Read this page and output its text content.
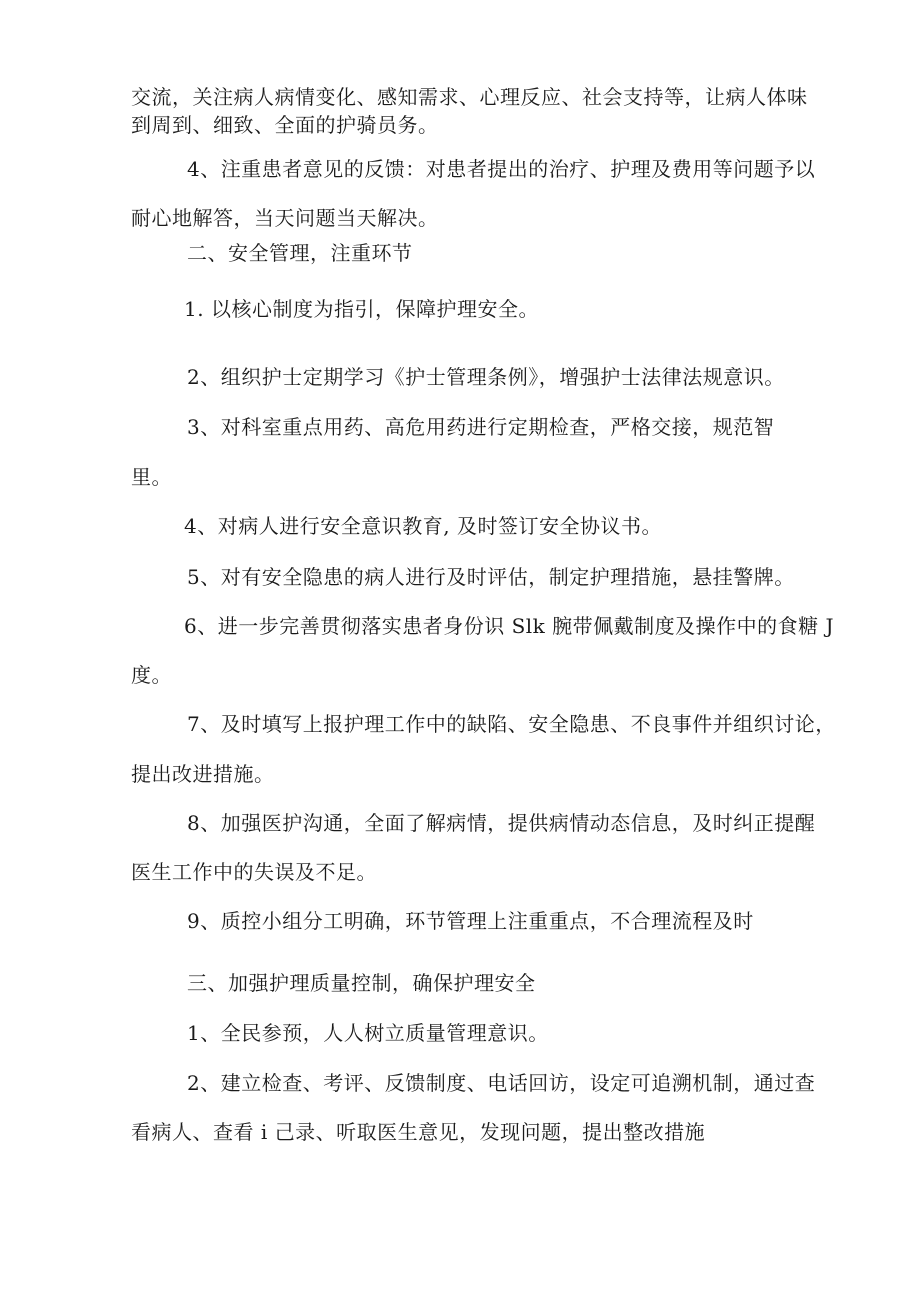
交流，关注病人病情变化、感知需求、心理反应、社会支持等，让病人体味
到周到、细致、全面的护骑员务。
4、注重患者意见的反馈：对患者提出的治疗、护理及费用等问题予以
耐心地解答，当天问题当天解决。
二、安全管理，注重环节
1. 以核心制度为指引，保障护理安全。
2、组织护士定期学习《护士管理条例》，增强护士法律法规意识。
3、对科室重点用药、高危用药进行定期检查，严格交接，规范智
里。
4、对病人进行安全意识教育, 及时签订安全协议书。
5、对有安全隐患的病人进行及时评估，制定护理措施，悬挂警牌。
6、进一步完善贯彻落实患者身份识 Slk 腕带佩戴制度及操作中的食糖 J
度。
7、及时填写上报护理工作中的缺陷、安全隐患、不良事件并组织讨论，
提出改进措施。
8、加强医护沟通，全面了解病情，提供病情动态信息，及时纠正提醒
医生工作中的失误及不足。
9、质控小组分工明确，环节管理上注重重点，不合理流程及时
三、加强护理质量控制，确保护理安全
1、全民参预，人人树立质量管理意识。
2、建立检查、考评、反馈制度、电话回访，设定可追溯机制，通过查
看病人、查看 i 己录、听取医生意见，发现问题，提出整改措施
